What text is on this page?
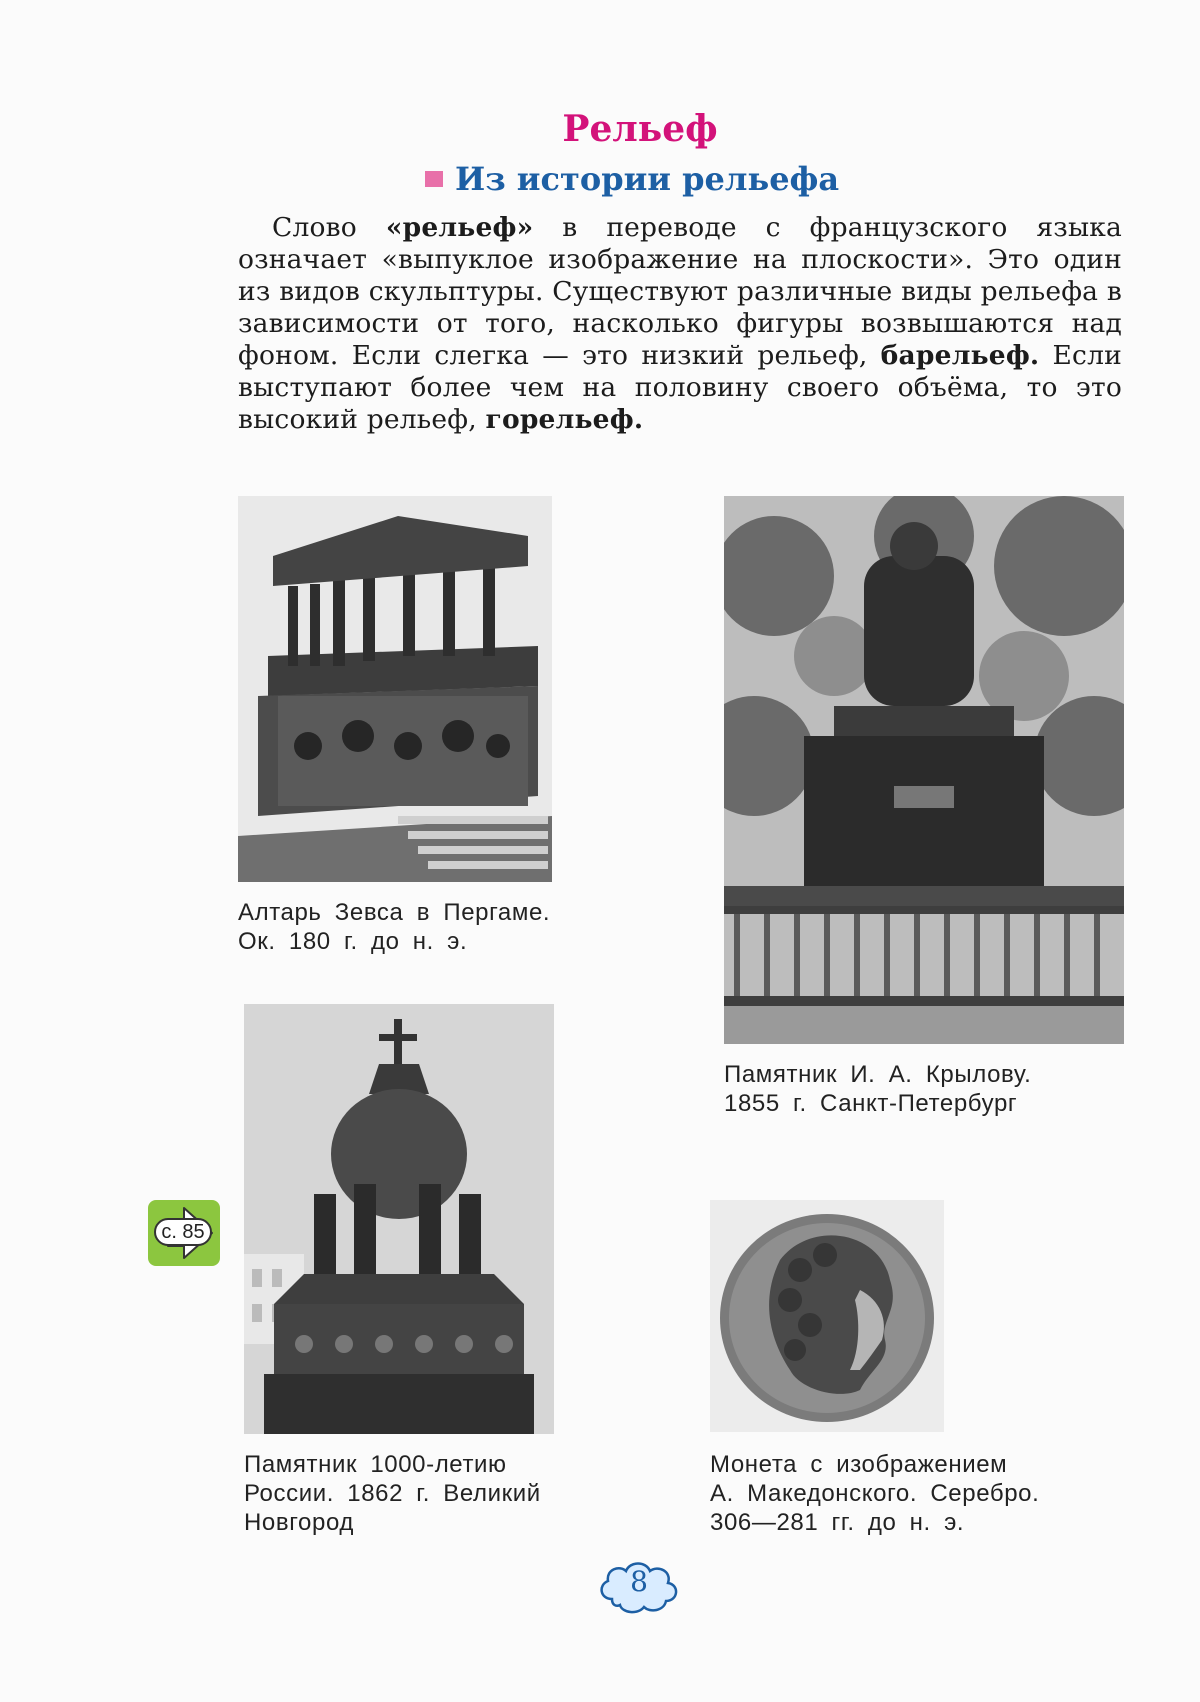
Рельеф
Из истории рельефа

Слово «рельеф» в переводе с французского языка означает «выпуклое изображение на плоскости». Это один из видов скульптуры. Существуют различные виды рельефа в зависимости от того, насколько фигуры возвышаются над фоном. Если слегка — это низкий рельеф, барельеф. Если выступают более чем на половину своего объёма, то это высокий рельеф, горельеф.

Алтарь Зевса в Пергаме.
Ок. 180 г. до н. э.

Памятник И. А. Крылову.
1855 г. Санкт-Петербург

Памятник 1000-летию
России. 1862 г. Великий
Новгород

Монета с изображением
А. Македонского. Серебро.
306—281 гг. до н. э.

с. 85
8
